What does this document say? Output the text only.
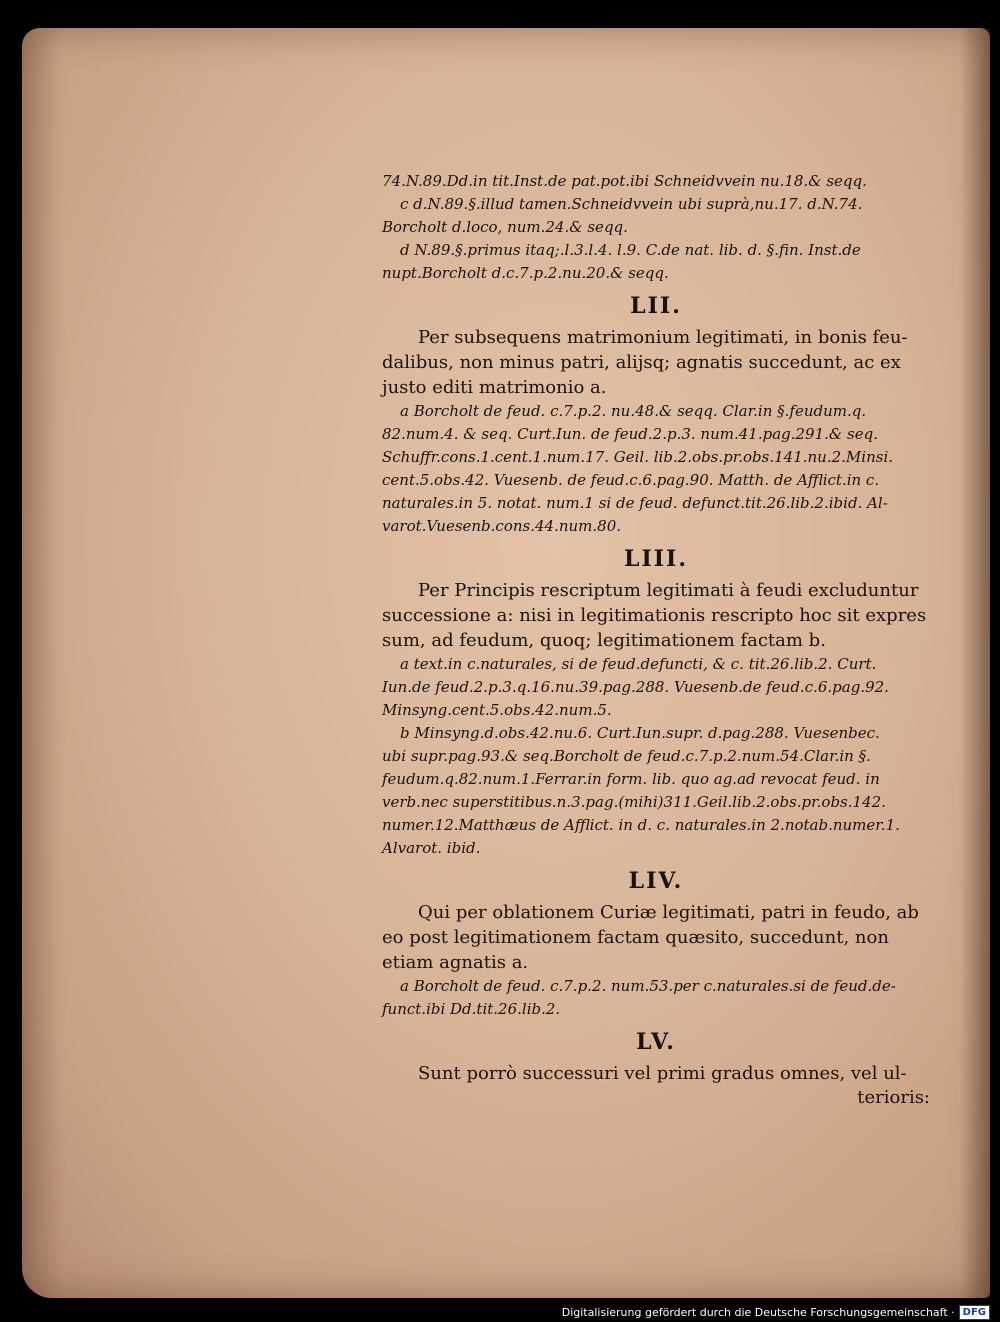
74.N.89.Dd.in tit.Inst.de pat.pot.ibi Schneidvvein nu.18.& seqq.
c d.N.89.§.illud tamen.Schneidvvein ubi suprà,nu.17. d.N.74.
Borcholt d.loco, num.24.& seqq.
d N.89.§.primus itaq;.l.3.l.4. l.9. C.de nat. lib. d. §.fin. Inst.de
nupt.Borcholt d.c.7.p.2.nu.20.& seqq.
LII.
Per subsequens matrimonium legitimati, in bonis feu-
dalibus, non minus patri, alijsq; agnatis succedunt, ac ex
justo editi matrimonio a.
a Borcholt de feud. c.7.p.2. nu.48.& seqq. Clar.in §.feudum.q.
82.num.4. & seq. Curt.Iun. de feud.2.p.3. num.41.pag.291.& seq.
Schuffr.cons.1.cent.1.num.17. Geil. lib.2.obs.pr.obs.141.nu.2.Minsi.
cent.5.obs.42. Vuesenb. de feud.c.6.pag.90. Matth. de Afflict.in c.
naturales.in 5. notat. num.1 si de feud. defunct.tit.26.lib.2.ibid. Al-
varot.Vuesenb.cons.44.num.80.
LIII.
Per Principis rescriptum legitimati à feudi excluduntur
successione a: nisi in legitimationis rescripto hoc sit expres
sum, ad feudum, quoq; legitimationem factam b.
a text.in c.naturales, si de feud.defuncti, & c. tit.26.lib.2. Curt.
Iun.de feud.2.p.3.q.16.nu.39.pag.288. Vuesenb.de feud.c.6.pag.92.
Minsyng.cent.5.obs.42.num.5.
b Minsyng.d.obs.42.nu.6. Curt.Iun.supr. d.pag.288. Vuesenbec.
ubi supr.pag.93.& seq.Borcholt de feud.c.7.p.2.num.54.Clar.in §.
feudum.q.82.num.1.Ferrar.in form. lib. quo ag.ad revocat feud. in
verb.nec superstitibus.n.3.pag.(mihi)311.Geil.lib.2.obs.pr.obs.142.
numer.12.Matthæus de Afflict. in d. c. naturales.in 2.notab.numer.1.
Alvarot. ibid.
LIV.
Qui per oblationem Curiæ legitimati, patri in feudo, ab
eo post legitimationem factam quæsito, succedunt, non
etiam agnatis a.
a Borcholt de feud. c.7.p.2. num.53.per c.naturales.si de feud.de-
funct.ibi Dd.tit.26.lib.2.
LV.
Sunt porrò successuri vel primi gradus omnes, vel ul-
terioris:
Digitalisierung gefördert durch die Deutsche Forschungsgemeinschaft · DFG
